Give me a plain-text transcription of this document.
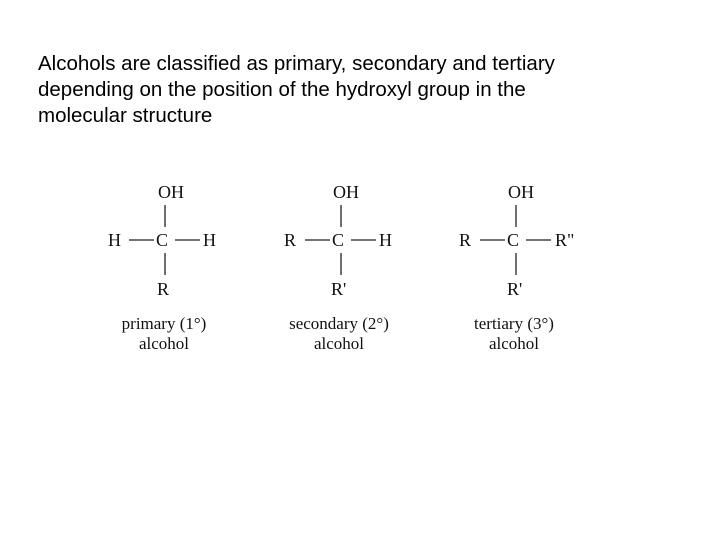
Alcohols are classified as primary, secondary and tertiary
depending on the position of the hydroxyl group in the
molecular structure
OH
H C H
R
primary (1°)
alcohol
OH
R C H
R'
secondary (2°)
alcohol
OH
R C R"
R'
tertiary (3°)
alcohol
